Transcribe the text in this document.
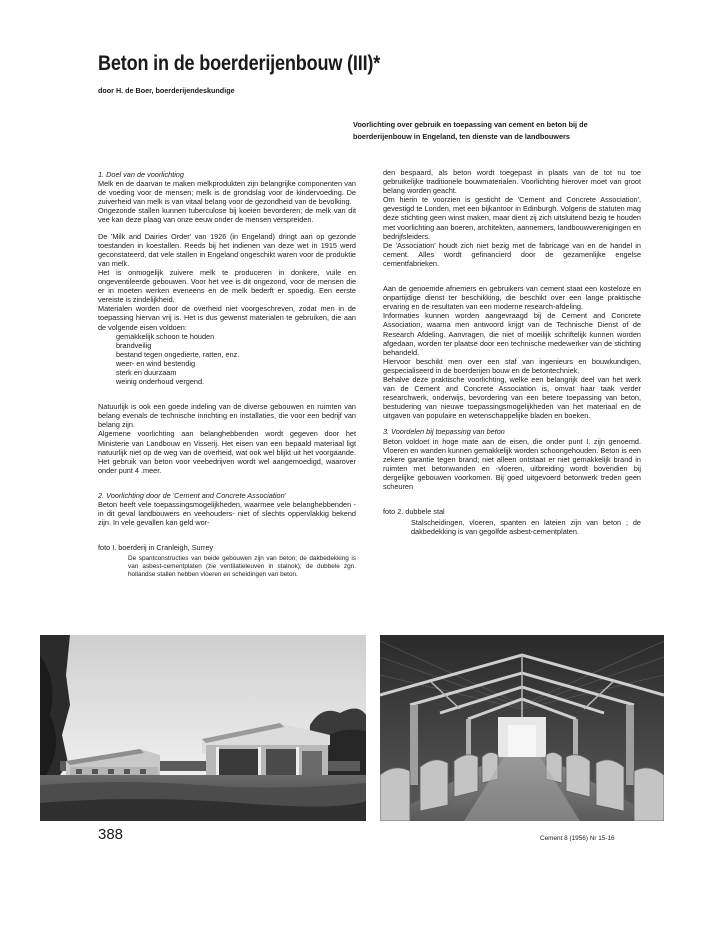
Beton in de boerderijenbouw (III)*

door H. de Boer, boerderijendeskundige

Voorlichting over gebruik en toepassing van cement en beton bij de boerderijenbouw in Engeland, ten dienste van de landbouwers

1. Doel van de voorlichting

Melk en de daarvan te maken melkprodukten zijn belangrijke componenten van de voeding voor de mensen; melk is de grondslag voor de kindervoeding. De zuiverheid van melk is van vitaal belang voor de gezondheid van de bevolking.

Ongezonde stallen kunnen tuberculose bij koeien bevorderen; de melk van dit vee kan deze plaag van onze eeuw onder de mensen verspreiden.

De 'Milk and Dairies Order' van 1926 (in Engeland) dringt aan op gezonde toestanden in koestallen. Reeds bij het indienen van deze wet in 1915 werd geconstateerd, dat vele stallen in Engeland ongeschikt waren voor de produktie van melk.

Het is onmogelijk zuivere melk te produceren in donkere, vuile en ongeventileerde gebouwen. Voor het vee is dit ongezond, voor de mensen die er in moeten werken eveneens en de melk bederft er spoedig. Een eerste vereiste is zindelijkheid.

Materialen worden door de overheid niet voorgeschreven, zodat men in de toepassing hiervan vrij is. Het is dus gewenst materialen te gebruiken, die aan de volgende eisen voldoen:

gemakkelijk schoon te houden
brandveilig
bestand tegen ongedierte, ratten, enz.
weer- en wind bestendig
sterk en duurzaam
weinig onderhoud vergend.

Natuurlijk is ook een goede indeling van de diverse gebouwen en ruimten van belang evenals de technische inrichting en installaties, die voor een bedrijf van belang zijn.

Algemene voorlichting aan belanghebbenden wordt gegeven door het Ministerie van Landbouw en Visserij. Het eisen van een bepaald materiaal ligt natuurlijk niet op de weg van de overheid, wat ook wel blijkt uit het voorgaande. Het gebruik van beton voor veebedrijven wordt wel aangemoedigd, waarover onder punt 4 .meer.

2. Voorlichting door de 'Cement and Concrete Association'

Beton heeft vele toepassingsmogelijkheden, waarmee vele belanghebbenden -in dit geval landbouwers en veehouders- niet of slechts oppervlakkig bekend zijn. In vele gevallen kan geld wor-

foto I. boerderij in Cranleigh, Surrey

De spantconstructies van beide gebouwen zijn van beton; de dakbedekking is van asbest-cementplaten (zie ventilatieleuven in stalnok); de dubbele zgn. hollandse stallen hebben vloeren en scheidingen van beton.

den bespaard, als beton wordt toegepast in plaats van de tot nu toe gebruikelijke traditionele bouwmaterialen. Voorlichting hierover moet van groot belang worden geacht.

Om hierin te voorzien is gesticht de 'Cement and Concrete Association', gevestigd te Londen, met een bijkantoor in Edinburgh. Volgens de statuten mag deze stichting geen winst maken, maar dient zij zich uitsluitend bezig te houden met voorlichting aan boeren, architekten, aannemers, landbouwverenigingen en bedrijfsleiders.

De 'Association' houdt zich niet bezig met de fabricage van en de handel in cement. Alles wordt gefinancierd door de gezamenlijke engelse cementfabrieken.

Aan de genoemde afnemers en gebruikers van cement staat een kosteloze en onpartijdige dienst ter beschikking, die beschikt over een lange praktische ervaring en de resultaten van een moderne research-afdeling.

Informaties kunnen worden aangevraagd bij de Cement and Concrete Association, waarna men antwoord krijgt van de Technische Dienst of de Research Afdeling. Aanvragen, die niet of moeilijk schriftelijk kunnen worden afgedaan, worden ter plaatse door een technische medewerker van de stichting behandeld.

Hiervoor beschikt men over een staf van ingenieurs en bouwkundigen, gespecialiseerd in de boerderijen bouw en de betontechniek.

Behalve deze praktische voorlichting, welke een belangrijk deel van het werk van de Cement and Concrete Association is, omvat haar taak verder researchwerk, onderwijs, bevordering van een betere toepassing van beton, bestudering van nieuwe toepassingsmogelijkheden van het materiaal en de uitgaven van populaire en wetenschappelijke bladen en boeken.

3. Voordelen bij toepassing van beton

Beton voldoet in hoge mate aan de eisen, die onder punt I. zijn genoemd. Vloeren en wanden kunnen gemakkelijk worden schoongehouden. Beton is een zekere garantie tegen brand; niet alleen ontstaat er niet gemakkelijk brand in ruimten met betonwanden en -vloeren, uitbreiding wordt bovendien bij dergelijke gebouwen voorkomen. Bij goed uitgevoerd betonwerk treden geen scheuren

foto 2. dubbele stal

Stalscheidingen, vloeren, spanten en lateien zijn van beton ; de dakbedekking is van gegolfde asbest-cementplaten.

388	Cement 8 (1956) Nr 15-16
